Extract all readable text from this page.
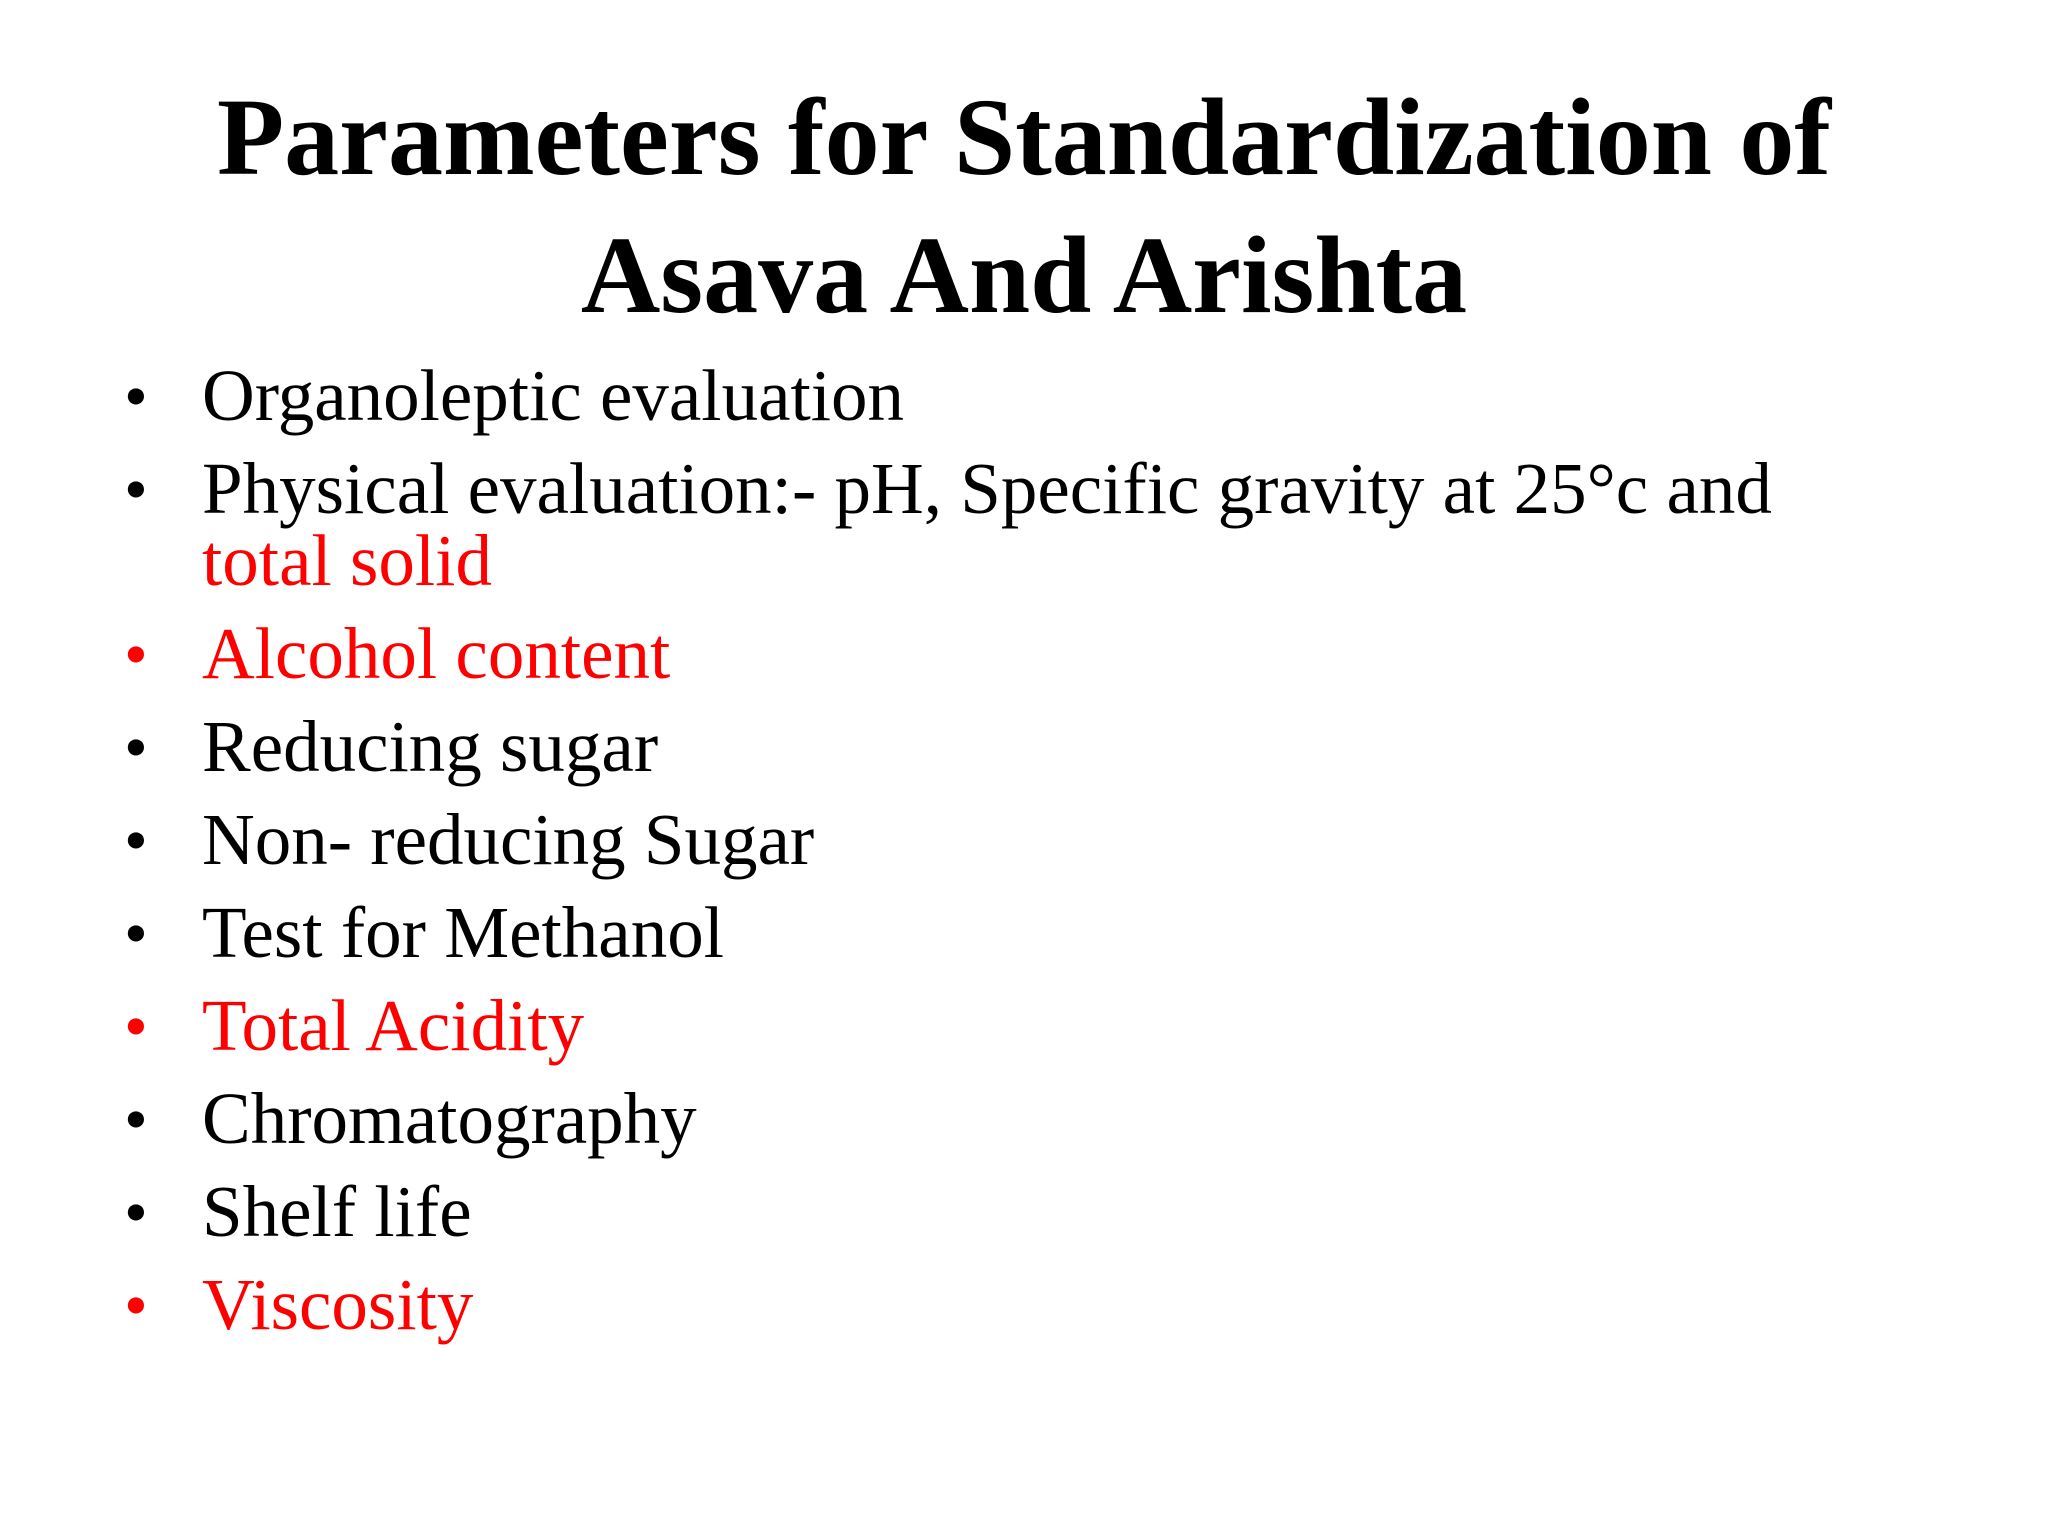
Parameters for Standardization of
Asava And Arishta
• Organoleptic evaluation
• Physical evaluation:- pH, Specific gravity at 25°c and
total solid
• Alcohol content
• Reducing sugar
• Non- reducing Sugar
• Test for Methanol
• Total Acidity
• Chromatography
• Shelf life
• Viscosity
